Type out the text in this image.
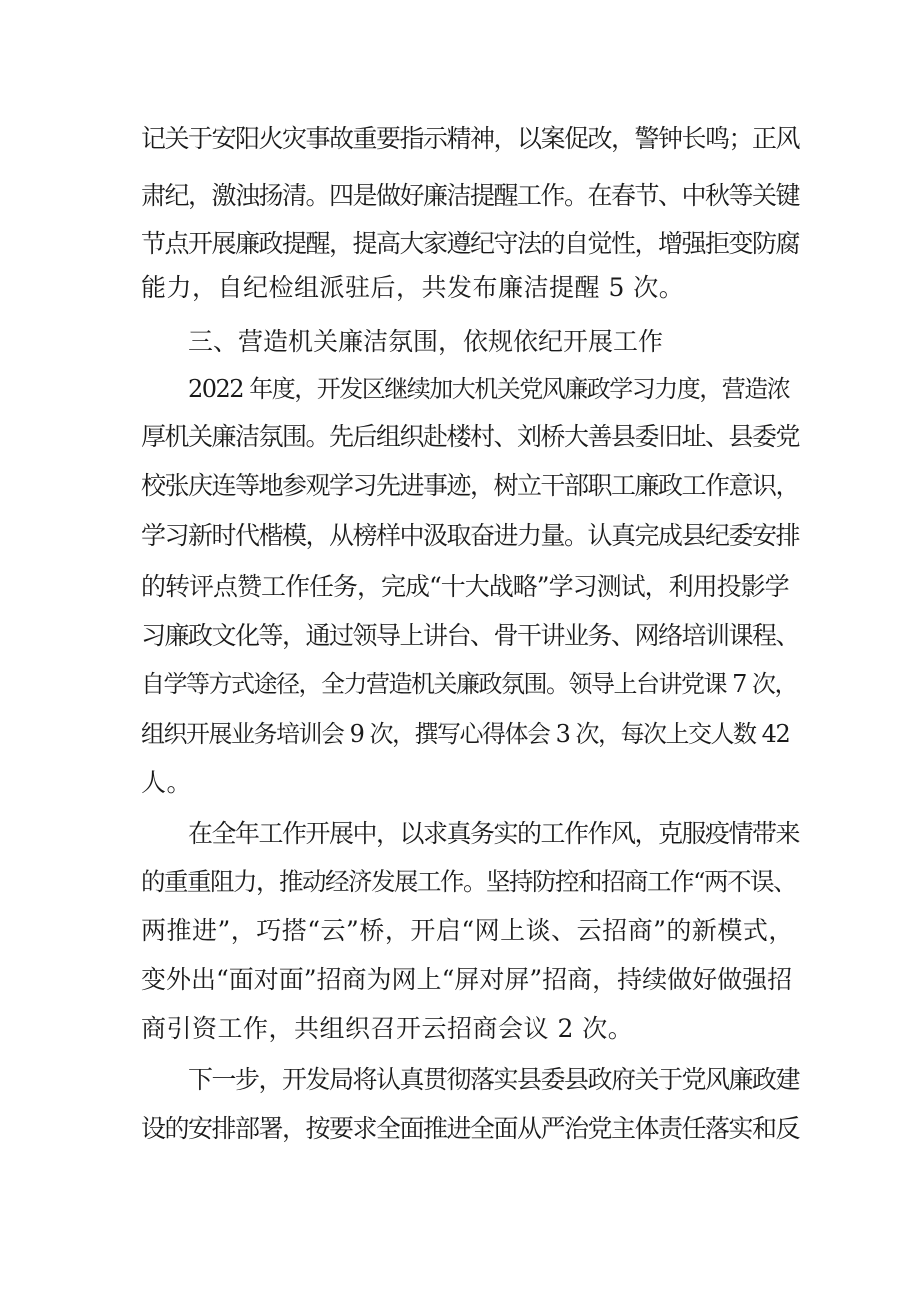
记关于安阳火灾事故重要指示精神，以案促改，警钟长鸣；正风
肃纪，激浊扬清。四是做好廉洁提醒工作。在春节、中秋等关键
节点开展廉政提醒，提高大家遵纪守法的自觉性，增强拒变防腐
能力，自纪检组派驻后，共发布廉洁提醒 5 次。
三、营造机关廉洁氛围，依规依纪开展工作
2022 年度，开发区继续加大机关党风廉政学习力度，营造浓
厚机关廉洁氛围。先后组织赴楼村、刘桥大善县委旧址、县委党
校张庆连等地参观学习先进事迹，树立干部职工廉政工作意识，
学习新时代楷模，从榜样中汲取奋进力量。认真完成县纪委安排
的转评点赞工作任务，完成“十大战略”学习测试，利用投影学
习廉政文化等，通过领导上讲台、骨干讲业务、网络培训课程、
自学等方式途径，全力营造机关廉政氛围。领导上台讲党课 7 次，
组织开展业务培训会 9 次，撰写心得体会 3 次，每次上交人数 42
人。
在全年工作开展中，以求真务实的工作作风，克服疫情带来
的重重阻力，推动经济发展工作。坚持防控和招商工作“两不误、
两推进”，巧搭“云”桥，开启“网上谈、云招商”的新模式，
变外出“面对面”招商为网上“屏对屏”招商，持续做好做强招
商引资工作，共组织召开云招商会议 2 次。
下一步，开发局将认真贯彻落实县委县政府关于党风廉政建
设的安排部署，按要求全面推进全面从严治党主体责任落实和反
